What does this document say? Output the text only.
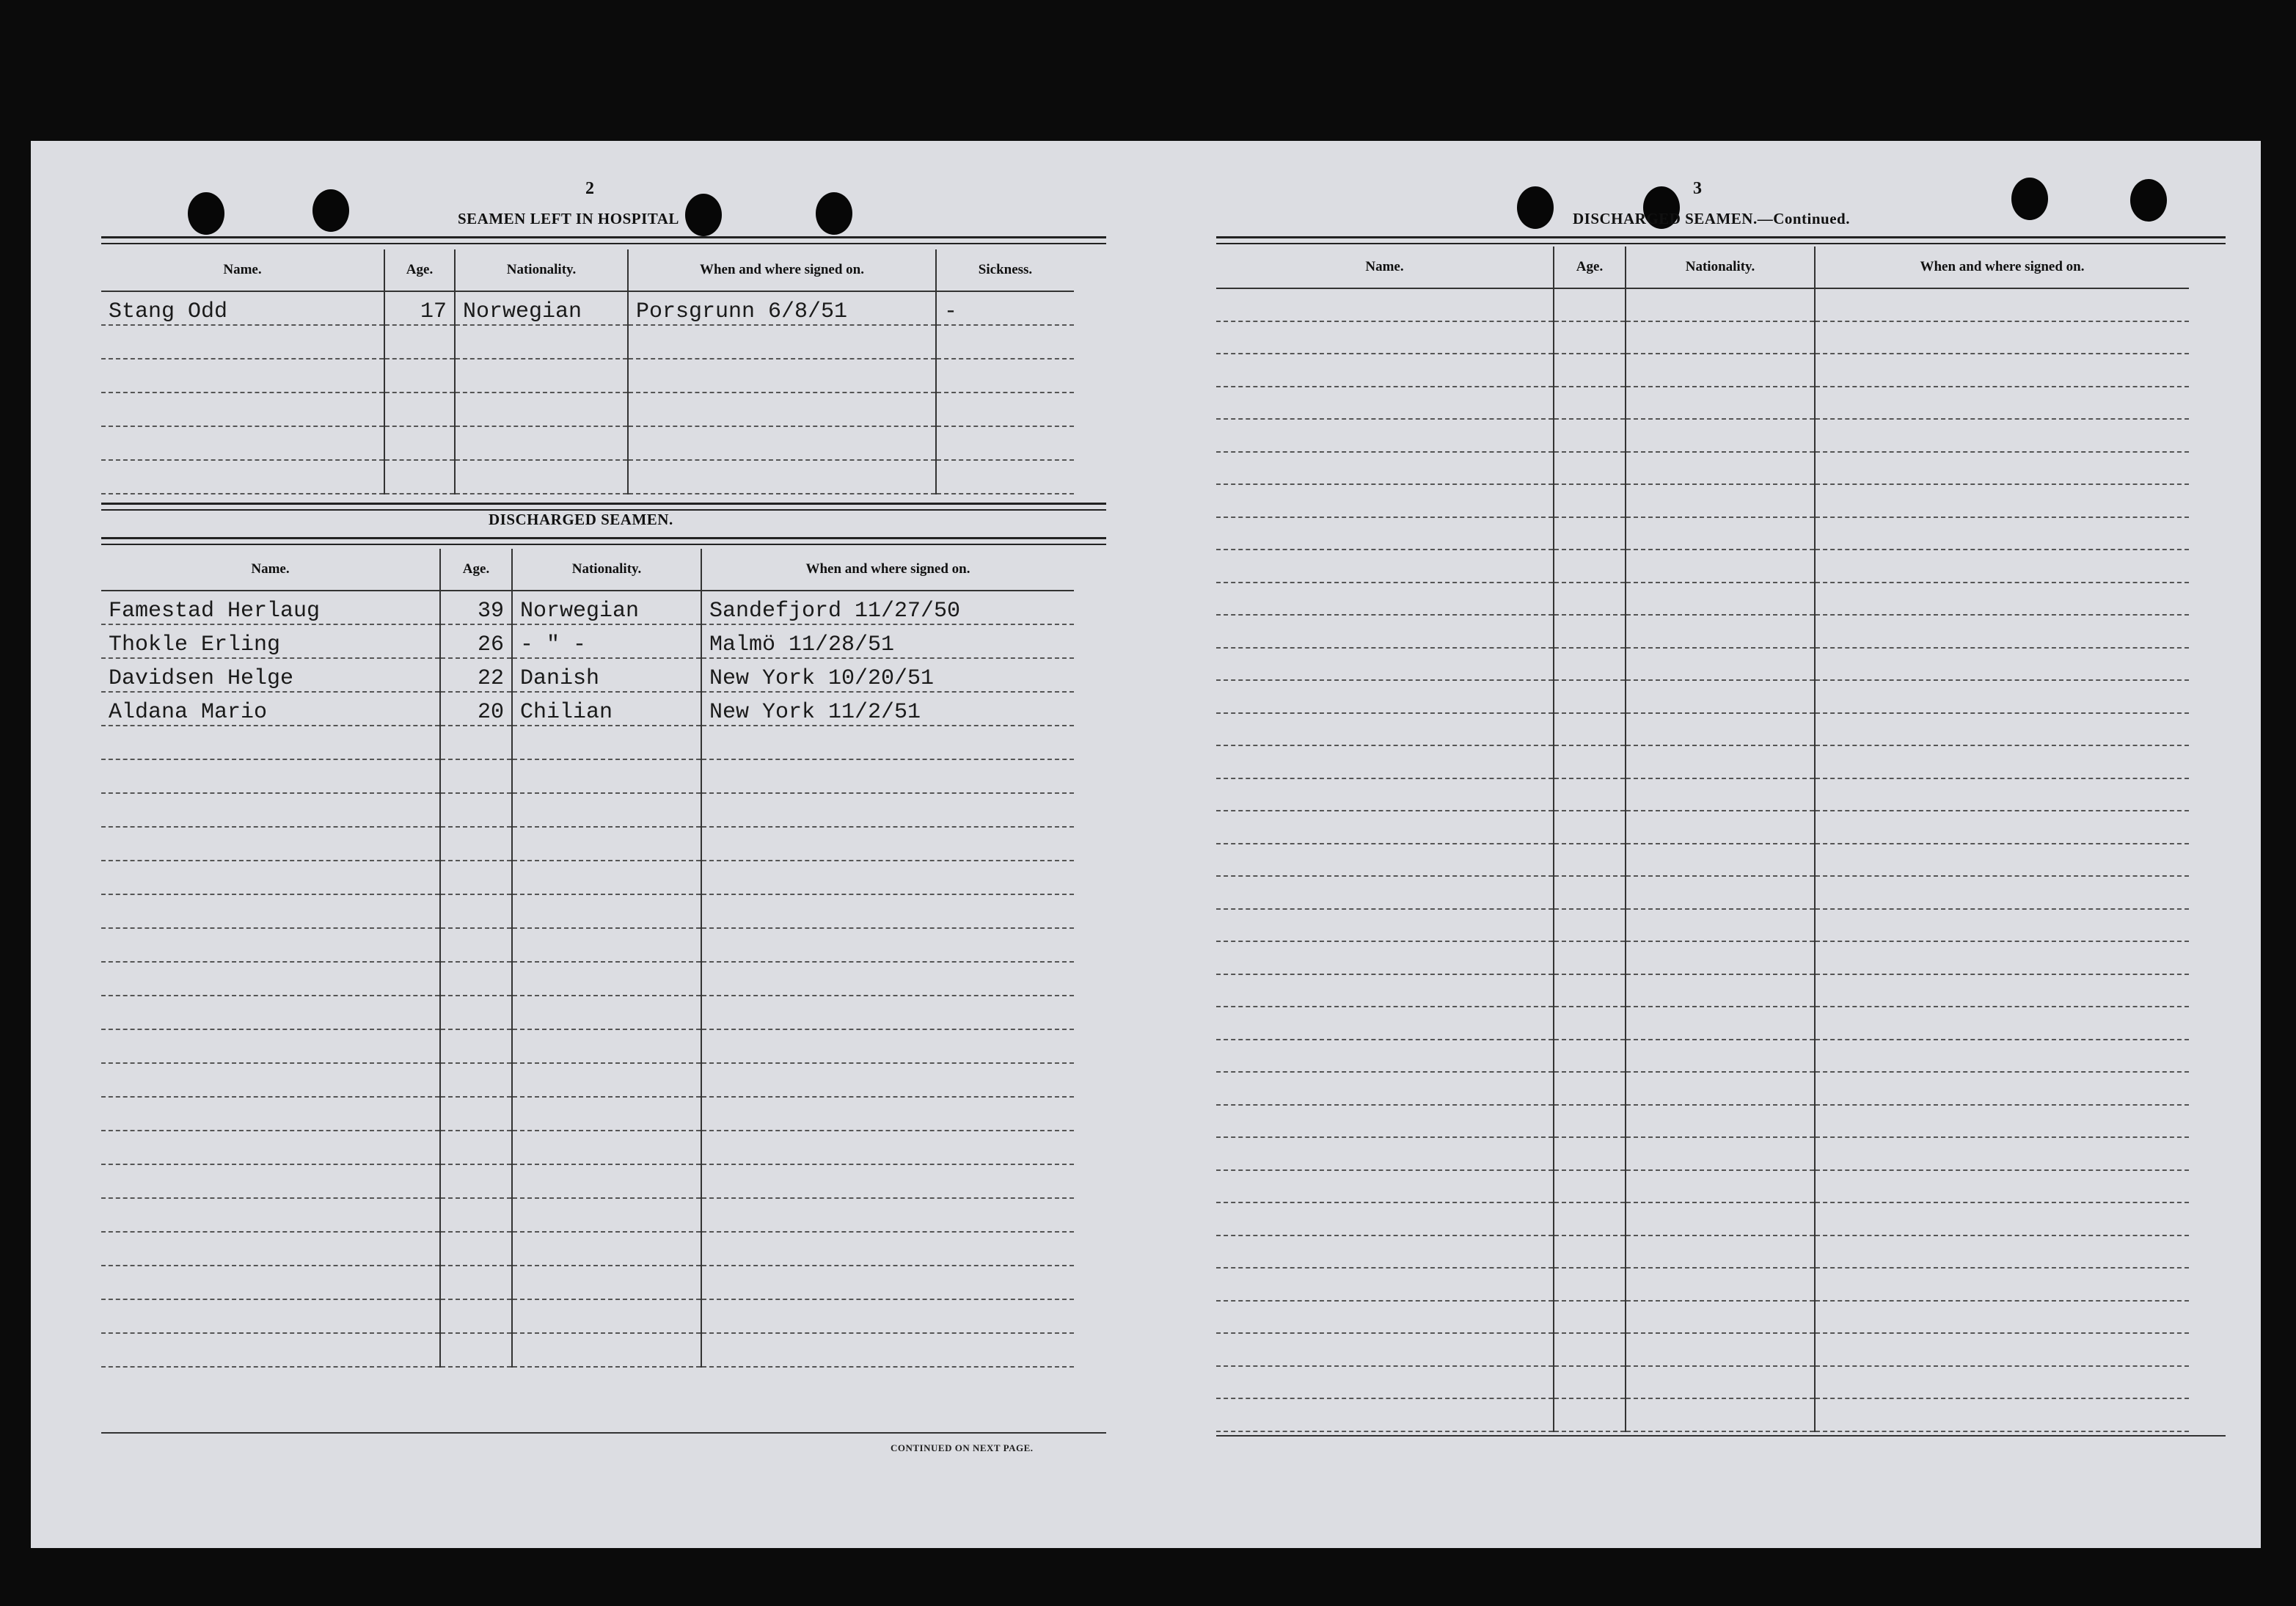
2
SEAMEN LEFT IN HOSPITAL
Name.	Age.	Nationality.	When and where signed on.	Sickness.
Stang Odd	17	Norwegian	Porsgrunn 6/8/51	-

DISCHARGED SEAMEN.
Name.	Age.	Nationality.	When and where signed on.
Famestad Herlaug	39	Norwegian	Sandefjord 11/27/50
Thokle Erling	26	- " -	Malmö 11/28/51
Davidsen Helge	22	Danish	New York 10/20/51
Aldana Mario	20	Chilian	New York 11/2/51

CONTINUED ON NEXT PAGE.
3
DISCHARGED SEAMEN.—Continued.
Name.	Age.	Nationality.	When and where signed on.
